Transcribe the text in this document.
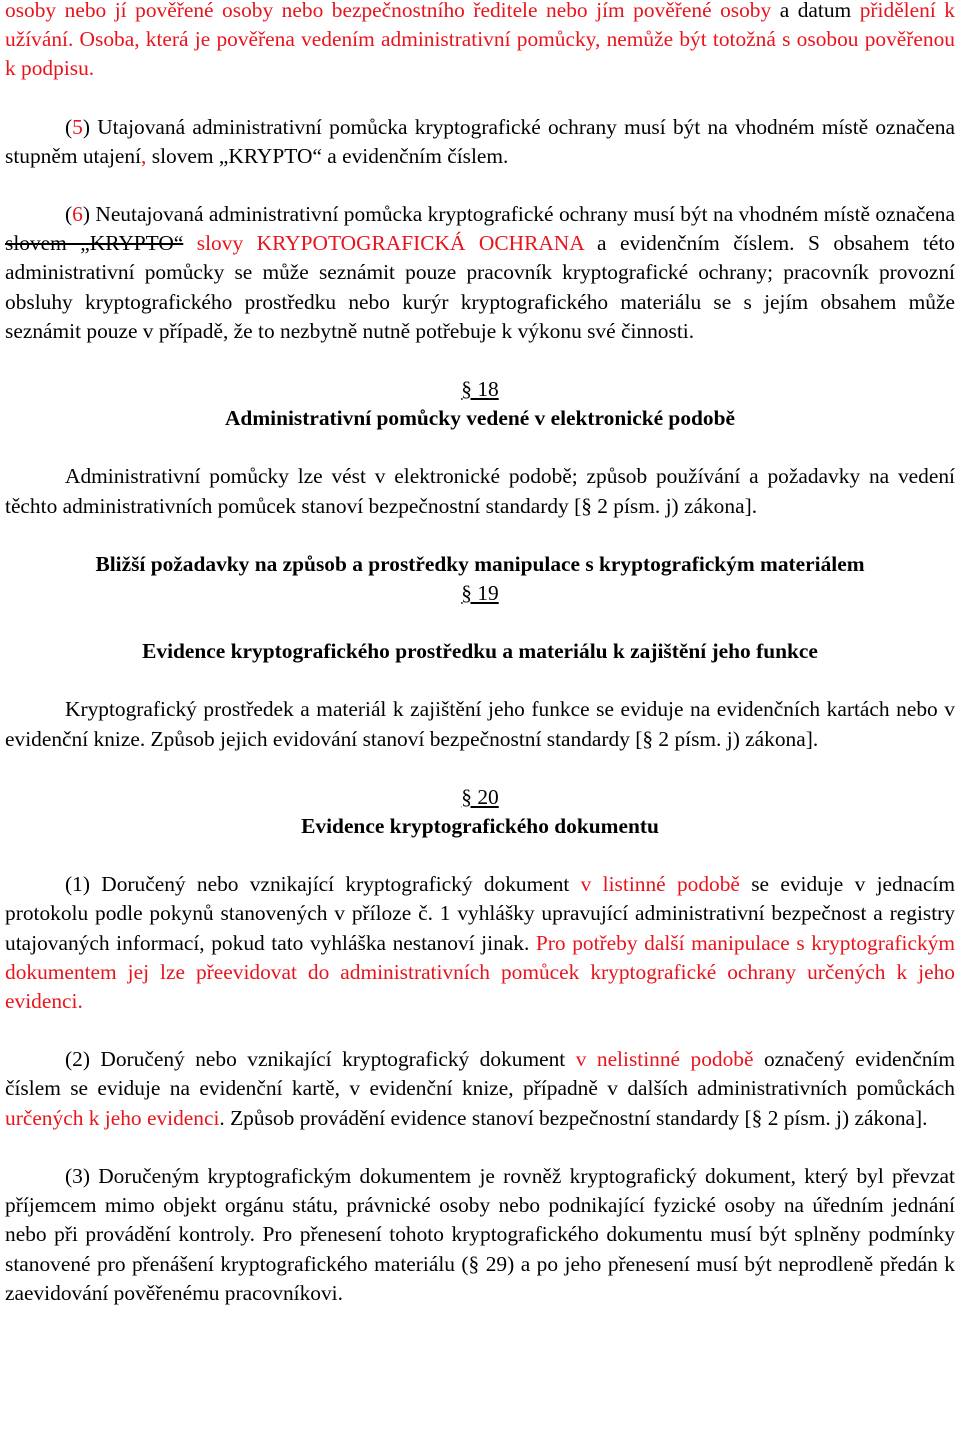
osoby nebo jí pověřené osoby nebo bezpečnostního ředitele nebo jím pověřené osoby a datum přidělení k užívání. Osoba, která je pověřena vedením administrativní pomůcky, nemůže být totožná s osobou pověřenou k podpisu.

(5) Utajovaná administrativní pomůcka kryptografické ochrany musí být na vhodném místě označena stupněm utajení, slovem „KRYPTO“ a evidenčním číslem.

(6) Neutajovaná administrativní pomůcka kryptografické ochrany musí být na vhodném místě označena slovem „KRYPTO“ slovy KRYPOTOGRAFICKÁ OCHRANA a evidenčním číslem. S obsahem této administrativní pomůcky se může seznámit pouze pracovník kryptografické ochrany; pracovník provozní obsluhy kryptografického prostředku nebo kurýr kryptografického materiálu se s jejím obsahem může seznámit pouze v případě, že to nezbytně nutně potřebuje k výkonu své činnosti.

§ 18

Administrativní pomůcky vedené v elektronické podobě

Administrativní pomůcky lze vést v elektronické podobě; způsob používání a požadavky na vedení těchto administrativních pomůcek stanoví bezpečnostní standardy [§ 2 písm. j) zákona].

Bližší požadavky na způsob a prostředky manipulace s kryptografickým materiálem

§ 19

Evidence kryptografického prostředku a materiálu k zajištění jeho funkce

Kryptografický prostředek a materiál k zajištění jeho funkce se eviduje na evidenčních kartách nebo v evidenční knize. Způsob jejich evidování stanoví bezpečnostní standardy [§ 2 písm. j) zákona].

§ 20

Evidence kryptografického dokumentu

(1) Doručený nebo vznikající kryptografický dokument v listinné podobě se eviduje v jednacím protokolu podle pokynů stanovených v příloze č. 1 vyhlášky upravující administrativní bezpečnost a registry utajovaných informací, pokud tato vyhláška nestanoví jinak. Pro potřeby další manipulace s kryptografickým dokumentem jej lze přeevidovat do administrativních pomůcek kryptografické ochrany určených k jeho evidenci.

(2) Doručený nebo vznikající kryptografický dokument v nelistinné podobě označený evidenčním číslem se eviduje na evidenční kartě, v evidenční knize, případně v dalších administrativních pomůckách určených k jeho evidenci. Způsob provádění evidence stanoví bezpečnostní standardy [§ 2 písm. j) zákona].

(3) Doručeným kryptografickým dokumentem je rovněž kryptografický dokument, který byl převzat příjemcem mimo objekt orgánu státu, právnické osoby nebo podnikající fyzické osoby na úředním jednání nebo při provádění kontroly. Pro přenesení tohoto kryptografického dokumentu musí být splněny podmínky stanovené pro přenášení kryptografického materiálu (§ 29) a po jeho přenesení musí být neprodleně předán k zaevidování pověřenému pracovníkovi.
